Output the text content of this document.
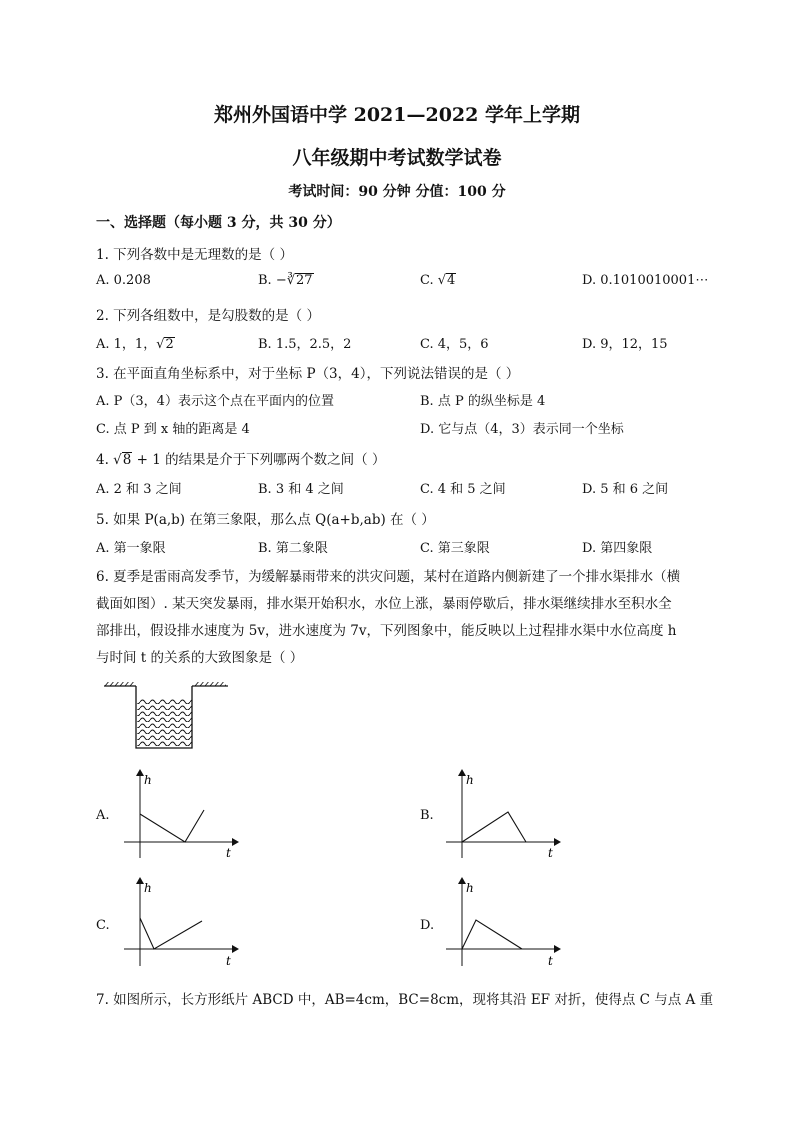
郑州外国语中学 2021—2022 学年上学期
八年级期中考试数学试卷
考试时间：90 分钟 分值：100 分
一、选择题（每小题 3 分，共 30 分）
1. 下列各数中是无理数的是（ ）
A. 0.2̇0̇8	B. −∛27	C. √4	D. 0.1010010001⋯
2. 下列各组数中，是勾股数的是（ ）
A. 1，1，√2	B. 1.5，2.5，2	C. 4，5，6	D. 9，12，15
3. 在平面直角坐标系中，对于坐标 P（3，4），下列说法错误的是（ ）
A. P（3，4）表示这个点在平面内的位置	B. 点 P 的纵坐标是 4
C. 点 P 到 x 轴的距离是 4	D. 它与点（4，3）表示同一个坐标
4. √8 + 1 的结果是介于下列哪两个数之间（ ）
A. 2 和 3 之间	B. 3 和 4 之间	C. 4 和 5 之间	D. 5 和 6 之间
5. 如果 P(a,b) 在第三象限，那么点 Q(a+b,ab) 在（ ）
A. 第一象限	B. 第二象限	C. 第三象限	D. 第四象限
6. 夏季是雷雨高发季节，为缓解暴雨带来的洪灾问题，某村在道路内侧新建了一个排水渠排水（横
截面如图）. 某天突发暴雨，排水渠开始积水，水位上涨，暴雨停歇后，排水渠继续排水至积水全
部排出，假设排水速度为 5v，进水速度为 7v，下列图象中，能反映以上过程排水渠中水位高度 h
与时间 t 的关系的大致图象是（ ）
A.
h
t
B.
h
t
C.
h
t
D.
h
t
7. 如图所示，长方形纸片 ABCD 中，AB=4cm，BC=8cm，现将其沿 EF 对折，使得点 C 与点 A 重
